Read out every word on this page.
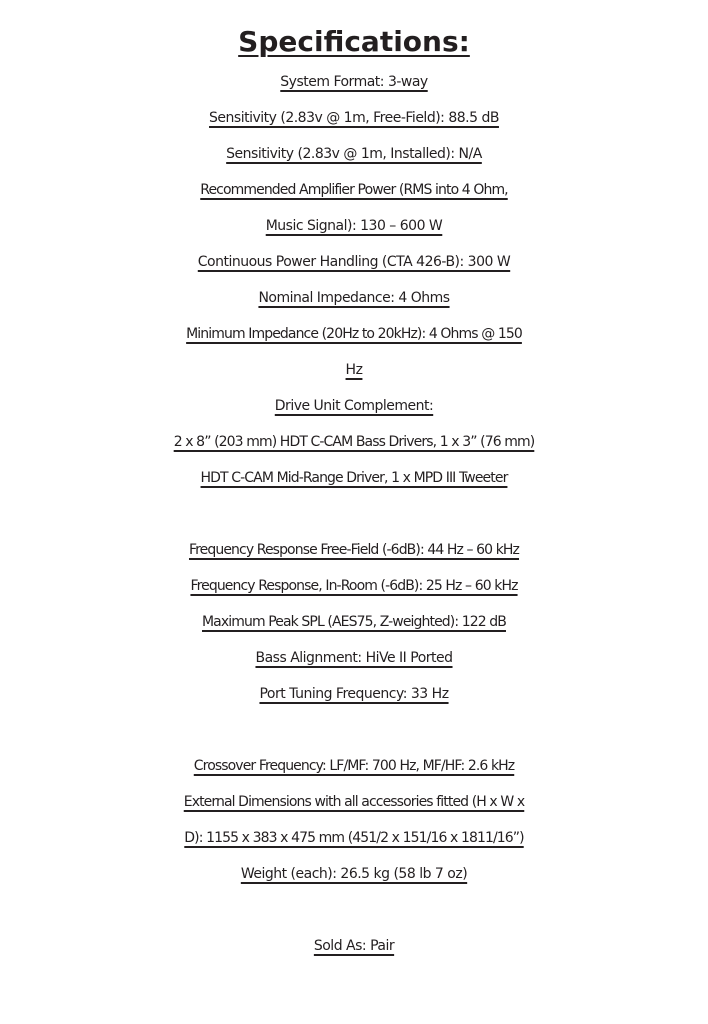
Specifications:
System Format: 3-way
Sensitivity (2.83v @ 1m, Free-Field): 88.5 dB
Sensitivity (2.83v @ 1m, Installed): N/A
Recommended Amplifier Power (RMS into 4 Ohm,
Music Signal): 130 – 600 W
Continuous Power Handling (CTA 426-B): 300 W
Nominal Impedance: 4 Ohms
Minimum Impedance (20Hz to 20kHz): 4 Ohms @ 150
Hz
Drive Unit Complement:
2 x 8” (203 mm) HDT C-CAM Bass Drivers, 1 x 3” (76 mm)
HDT C-CAM Mid-Range Driver, 1 x MPD III Tweeter
Frequency Response Free-Field (-6dB): 44 Hz – 60 kHz
Frequency Response, In-Room (-6dB): 25 Hz – 60 kHz
Maximum Peak SPL (AES75, Z-weighted): 122 dB
Bass Alignment: HiVe II Ported
Port Tuning Frequency: 33 Hz
Crossover Frequency: LF/MF: 700 Hz, MF/HF: 2.6 kHz
External Dimensions with all accessories fitted (H x W x
D): 1155 x 383 x 475 mm (451/2 x 151/16 x 1811/16”)
Weight (each): 26.5 kg (58 lb 7 oz)
Sold As: Pair
